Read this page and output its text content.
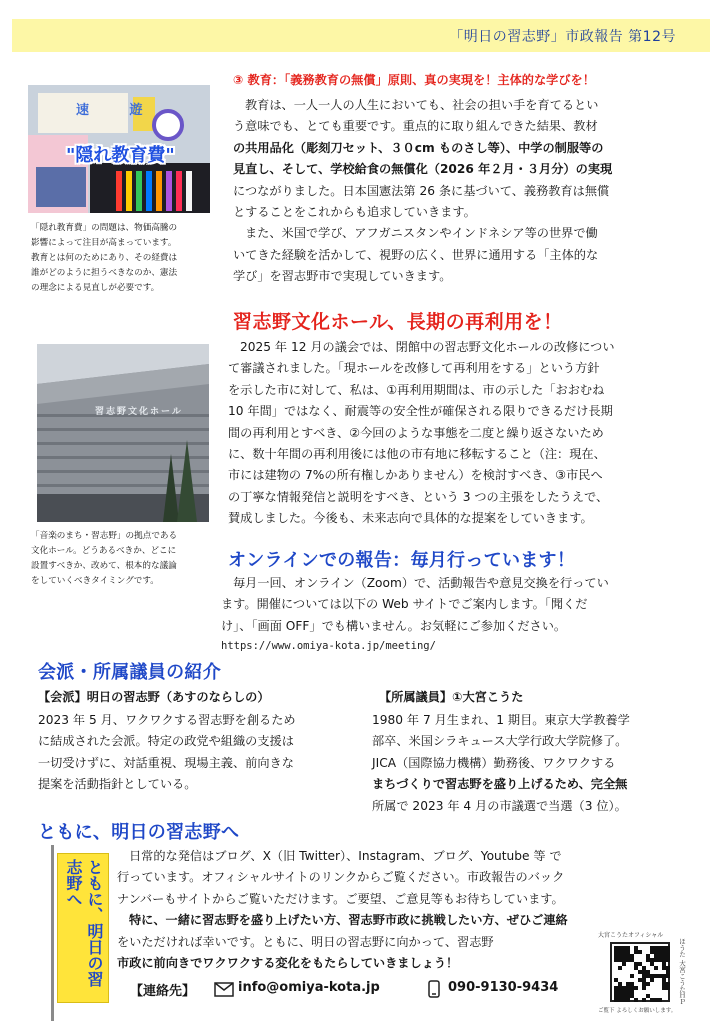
「明日の習志野」市政報告 第12号
速 遊
"隠れ教育費"
「隠れ教育費」の問題は、物価高騰の
影響によって注目が高まっています。
教育とは何のためにあり、その経費は
誰がどのように担うべきなのか、憲法
の理念による見直しが必要です。
③ 教育：「義務教育の無償」原則、真の実現を！主体的な学びを！
教育は、一人一人の人生においても、社会の担い手を育てるとい
う意味でも、とても重要です。重点的に取り組んできた結果、教材
の共用品化（彫刻刀セット、３０cm ものさし等）、中学の制服等の
見直し、そして、学校給食の無償化（2026 年２月・３月分）の実現
につながりました。日本国憲法第 26 条に基づいて、義務教育は無償
とすることをこれからも追求していきます。
また、米国で学び、アフガニスタンやインドネシア等の世界で働
いてきた経験を活かして、視野の広く、世界に通用する「主体的な
学び」を習志野市で実現していきます。
習志野文化ホール、長期の再利用を！
習志野文化ホール
「音楽のまち・習志野」の拠点である
文化ホール。どうあるべきか、どこに
設置すべきか、改めて、根本的な議論
をしていくべきタイミングです。
2025 年 12 月の議会では、閉館中の習志野文化ホールの改修につい
て審議されました。「現ホールを改修して再利用をする」という方針
を示した市に対して、私は、①再利用期間は、市の示した「おおむね
10 年間」ではなく、耐震等の安全性が確保される限りできるだけ長期
間の再利用とすべき、②今回のような事態を二度と繰り返さないため
に、数十年間の再利用後には他の市有地に移転すること（注：現在、
市には建物の 7%の所有権しかありません）を検討すべき、③市民へ
の丁寧な情報発信と説明をすべき、という 3 つの主張をしたうえで、
賛成しました。今後も、未来志向で具体的な提案をしていきます。
オンラインでの報告：毎月行っています！
毎月一回、オンライン（Zoom）で、活動報告や意見交換を行ってい
ます。開催については以下の Web サイトでご案内します。「聞くだ
け」、「画面 OFF」でも構いません。お気軽にご参加ください。
https://www.omiya-kota.jp/meeting/
会派・所属議員の紹介
【会派】明日の習志野（あすのならしの）
2023 年 5 月、ワクワクする習志野を創るため
に結成された会派。特定の政党や組織の支援は
一切受けずに、対話重視、現場主義、前向きな
提案を活動指針としている。
【所属議員】①大宮こうた
1980 年 7 月生まれ、1 期目。東京大学教養学
部卒、米国シラキュース大学行政大学院修了。
JICA（国際協力機構）勤務後、ワクワクする
まちづくりで習志野を盛り上げるため、完全無
所属で 2023 年 4 月の市議選で当選（3 位）。
ともに、明日の習志野へ
ともに、明日の習志野へ
日常的な発信はブログ、X（旧 Twitter）、Instagram、ブログ、Youtube 等 で
行っています。オフィシャルサイトのリンクからご覧ください。市政報告のバック
ナンバーもサイトからご覧いただけます。ご要望、ご意見等もお待ちしています。
特に、一緒に習志野を盛り上げたい方、習志野市政に挑戦したい方、ぜひご連絡
をいただければ幸いです。ともに、明日の習志野に向かって、習志野
市政に前向きでワクワクする変化をもたらしていきましょう！
【連絡先】	info@omiya-kota.jp	090-9130-9434
大宮こうたオフィシャル
ほうた 大宮こうたＨＰ
ご覧下 よろしくお願いします。
